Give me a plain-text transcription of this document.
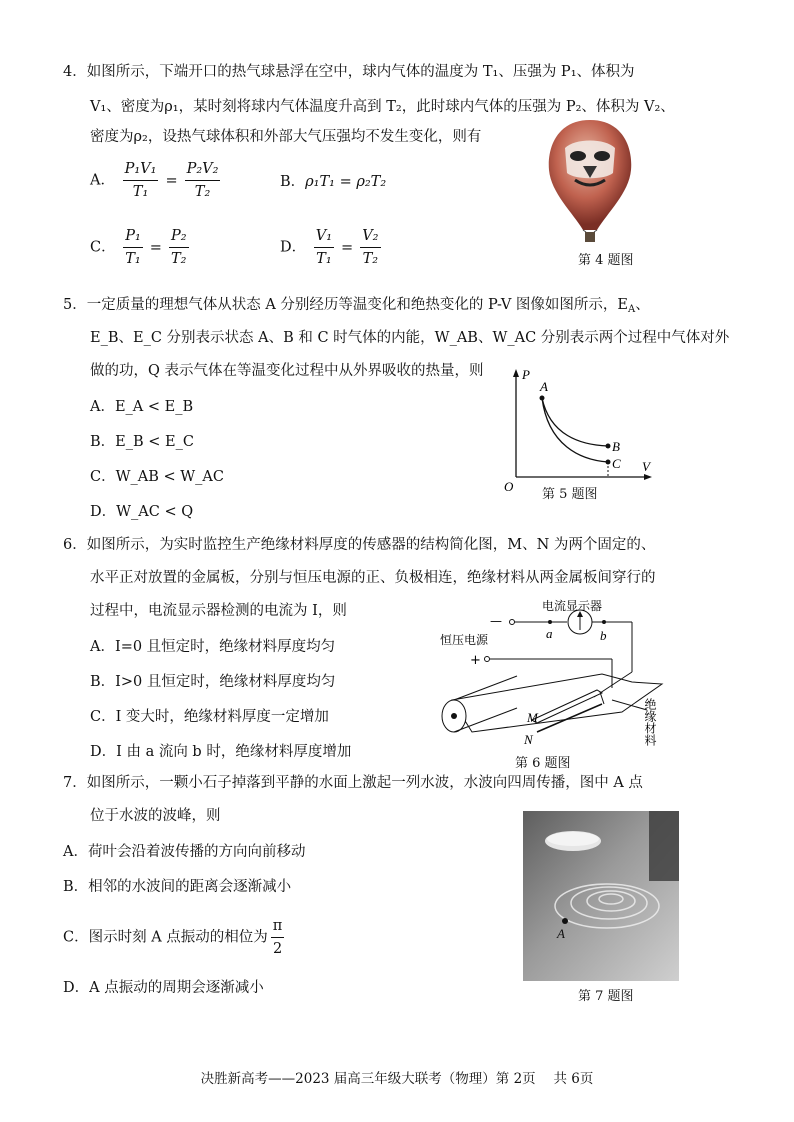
4．如图所示，下端开口的热气球悬浮在空中，球内气体的温度为 T₁、压强为 P₁、体积为
V₁、密度为ρ₁，某时刻将球内气体温度升高到 T₂，此时球内气体的压强为 P₂、体积为 V₂、
密度为ρ₂，设热气球体积和外部大气压强均不发生变化，则有
A． $\frac{\text{P₁V₁}}{\text{T₁}} = \frac{\text{P₂V₂}}{\text{T₂}}$	B．ρ₁T₁ = ρ₂T₂
C． $\frac{\text{P₁}}{\text{T₁}} = \frac{\text{P₂}}{\text{T₂}}$	D． $\frac{\text{V₁}}{\text{T₁}} = \frac{\text{V₂}}{\text{T₂}}$	第 4 题图
5．一定质量的理想气体从状态 A 分别经历等温变化和绝热变化的 P-V 图像如图所示，$E_A$、
E_B、E_C 分别表示状态 A、B 和 C 时气体的内能，W_AB、W_AC 分别表示两个过程中气体对外
做的功，Q 表示气体在等温变化过程中从外界吸收的热量，则
A．E_A < E_B
B．E_B < E_C
C．W_AB < W_AC
D．W_AC < Q
P
V
O
A
B
C
第 5 题图
6．如图所示，为实时监控生产绝缘材料厚度的传感器的结构简化图，M、N 为两个固定的、
水平正对放置的金属板，分别与恒压电源的正、负极相连，绝缘材料从两金属板间穿行的
过程中，电流显示器检测的电流为 I，则
A．I=0 且恒定时，绝缘材料厚度均匀
B．I>0 且恒定时，绝缘材料厚度均匀
C．I 变大时，绝缘材料厚度一定增加
D．I 由 a 流向 b 时，绝缘材料厚度增加
电流显示器
恒压电源
—
+
a	b
M
N	绝缘材料
第 6 题图
7．如图所示，一颗小石子掉落到平静的水面上激起一列水波，水波向四周传播，图中 A 点
位于水波的波峰，则
A．荷叶会沿着波传播的方向向前移动
B．相邻的水波间的距离会逐渐减小
C．图示时刻 A 点振动的相位为 $\frac{\pi}{2}$
D．A 点振动的周期会逐渐减小
A
第 7 题图
决胜新高考——2023 届高三年级大联考（物理）第 2页　 共 6页
